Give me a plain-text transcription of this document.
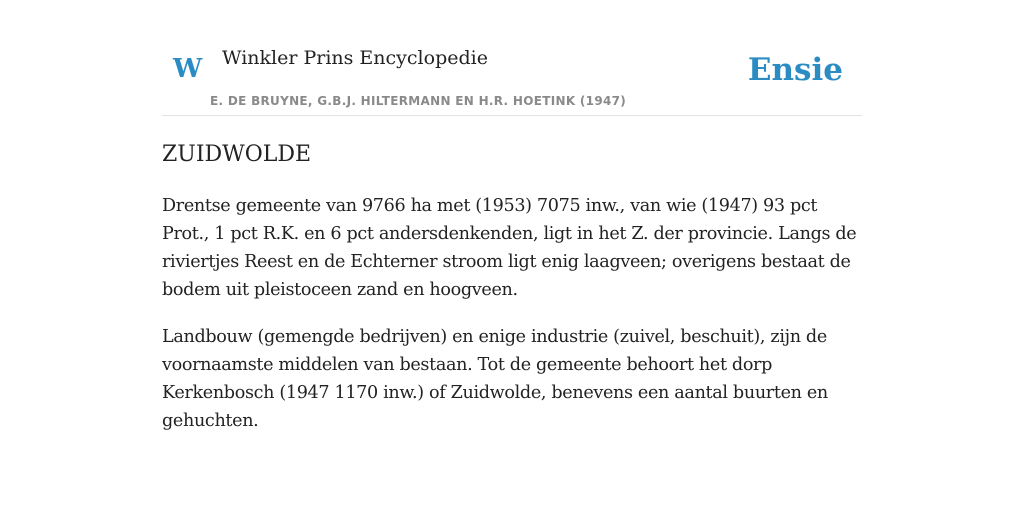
W Winkler Prins Encyclopedie
E. DE BRUYNE, G.B.J. HILTERMANN EN H.R. HOETINK (1947)
Ensie
ZUIDWOLDE

Drentse gemeente van 9766 ha met (1953) 7075 inw., van wie (1947) 93 pct Prot., 1 pct R.K. en 6 pct andersdenkenden, ligt in het Z. der provincie. Langs de riviertjes Reest en de Echterner stroom ligt enig laagveen; overigens bestaat de bodem uit pleistoceen zand en hoogveen.

Landbouw (gemengde bedrijven) en enige industrie (zuivel, beschuit), zijn de voornaamste middelen van bestaan. Tot de gemeente behoort het dorp Kerkenbosch (1947 1170 inw.) of Zuidwolde, benevens een aantal buurten en gehuchten.
